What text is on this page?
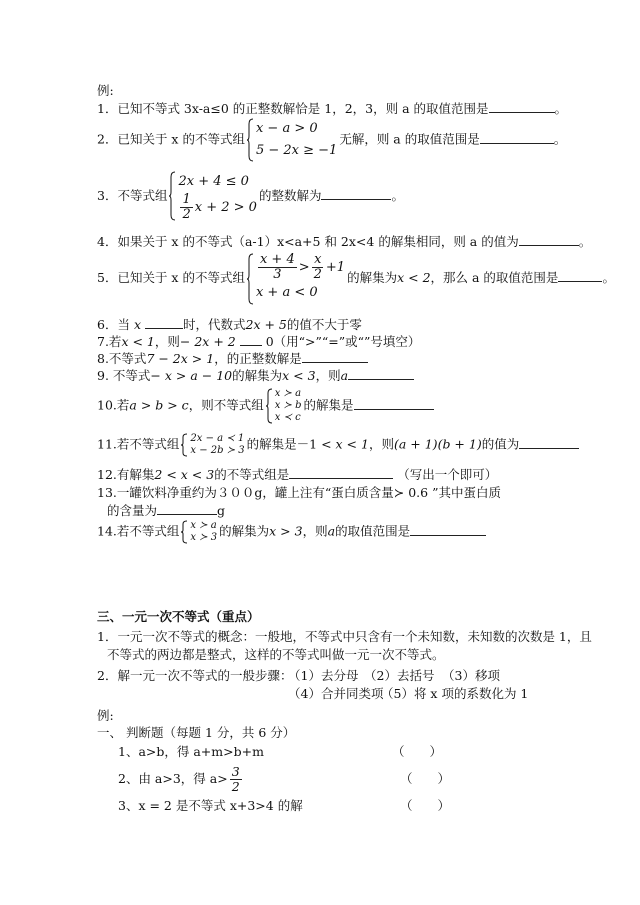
例:
1．已知不等式 3x-a≤0 的正整数解恰是 1，2，3，则 a 的取值范围是	。
2．已知关于 x 的不等式组
x − a > 0
5 − 2x ≥ −1
无解，则 a 的取值范围是	。
3．不等式组
2x + 4 ≤ 0
$\frac{1}{2}$ x + 2 > 0
的整数解为	。
4．如果关于 x 的不等式（a-1）x<a+5 和 2x<4 的解集相同，则 a 的值为	。
5．已知关于 x 的不等式组 $\frac{x + 4}{3} > \frac{x}{2} +1$
x + a < 0
的解集为x < 2，那么 a 的取值范围是	。
6．当 x	时，代数式2x + 5的值不大于零
7.若x < 1，则− 2x + 2 0（用“>”“=”或“”号填空）
8.不等式7 − 2x > 1，的正整数解是
9. 不等式− x > a − 10的解集为x < 3，则a
10.若a > b > c，则不等式组
x ≻ a
x ≻ b
x ≺ c
的解集是
11.若不等式组 2x − a ≺ 1
x − 2b ≻ 3 的解集是－1 < x < 1，则(a + 1)(b + 1)的值为
12.有解集2 < x < 3的不等式组是	（写出一个即可）
13.一罐饮料净重约为３００g，罐上注有“蛋白质含量≻ 0.6 ”其中蛋白质
的含量为	g
14.若不等式组 x ≻ a
x ≻ 3 的解集为x > 3，则a的取值范围是
三、一元一次不等式（重点）
1．一元一次不等式的概念：一般地，不等式中只含有一个未知数，未知数的次数是 1，且
不等式的两边都是整式，这样的不等式叫做一元一次不等式。
2．解一元一次不等式的一般步骤：
（1）去分母 （2）去括号 （3）移项
（4）合并同类项
（5）将 x 项的系数化为 1
例:
一、 判断题（每题 1 分，共 6 分）
1、a>b，得 a+m>b+m	（　　）
2、由 a>3，得 $a> \frac{3}{2}$	（　　）
3、x = 2 是不等式 x+3>4 的解	（　　）
